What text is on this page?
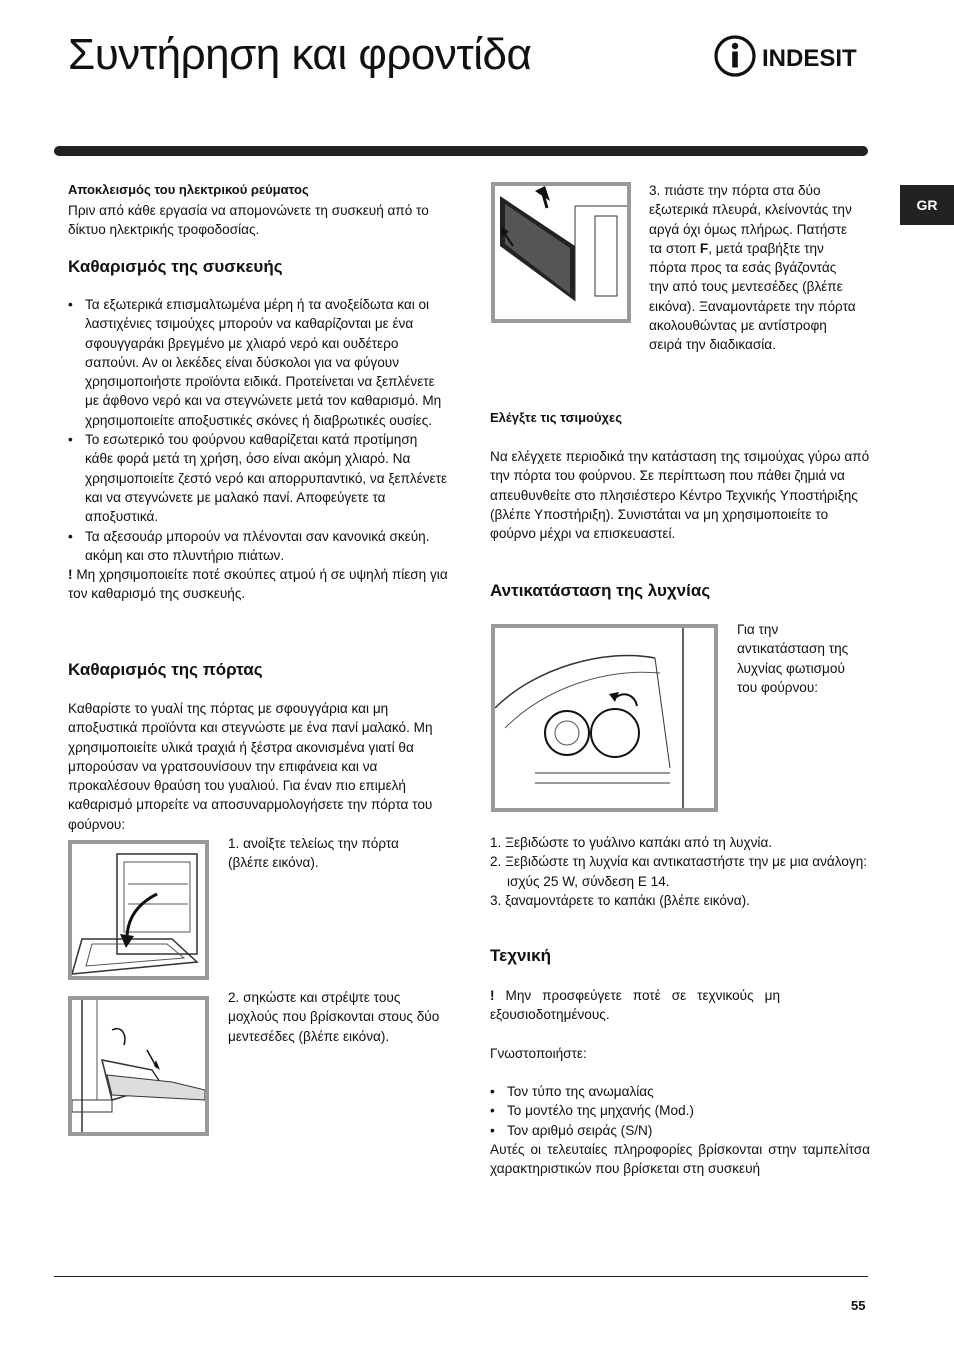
Συντήρηση και φροντίδα	INDESIT
GR
Αποκλεισμός του ηλεκτρικού ρεύματος
Πριν από κάθε εργασία να απομονώνετε τη συσκευή από το δίκτυο ηλεκτρικής τροφοδοσίας.
Καθαρισμός της συσκευής

• Τα εξωτερικά επισμαλτωμένα μέρη ή τα ανοξείδωτα και οι λαστιχένιες τσιμούχες μπορούν να καθαρίζονται με ένα σφουγγαράκι βρεγμένο με χλιαρό νερό και ουδέτερο σαπούνι. Αν οι λεκέδες είναι δύσκολοι για να φύγουν χρησιμοποιήστε προϊόντα ειδικά. Προτείνεται να ξεπλένετε με άφθονο νερό και να στεγνώνετε μετά τον καθαρισμό. Μη χρησιμοποιείτε αποξυστικές σκόνες ή διαβρωτικές ουσίες.

• Το εσωτερικό του φούρνου καθαρίζεται κατά προτίμηση κάθε φορά μετά τη χρήση, όσο είναι ακόμη χλιαρό. Να χρησιμοποιείτε ζεστό νερό και απορρυπαντικό, να ξεπλένετε και να στεγνώνετε με μαλακό πανί. Αποφεύγετε τα αποξυστικά.

• Τα αξεσουάρ μπορούν να πλένονται σαν κανονικά σκεύη. ακόμη και στο πλυντήριο πιάτων.

! Μη χρησιμοποιείτε ποτέ σκούπες ατμού ή σε υψηλή πίεση για τον καθαρισμό της συσκευής.

Καθαρισμός της πόρτας
Καθαρίστε το γυαλί της πόρτας με σφουγγάρια και μη αποξυστικά προϊόντα και στεγνώστε με ένα πανί μαλακό. Μη χρησιμοποιείτε υλικά τραχιά ή ξέστρα ακονισμένα γιατί θα μπορούσαν να γρατσουνίσουν την επιφάνεια και να προκαλέσουν θραύση του γυαλιού. Για έναν πιο επιμελή καθαρισμό μπορείτε να αποσυναρμολογήσετε την πόρτα του φούρνου:
1. ανοίξτε τελείως την πόρτα (βλέπε εικόνα).
2. σηκώστε και στρέψτε τους μοχλούς που βρίσκονται στους δύο μεντεσέδες (βλέπε εικόνα).
3. πιάστε την πόρτα στα δύο εξωτερικά πλευρά, κλείνοντάς την αργά όχι όμως πλήρως. Πατήστε τα στοπ F, μετά τραβήξτε την πόρτα προς τα εσάς βγάζοντάς την από τους μεντεσέδες (βλέπε εικόνα). Ξαναμοντάρετε την πόρτα ακολουθώντας με αντίστροφη σειρά την διαδικασία.
Ελέγξτε τις τσιμούχες
Να ελέγχετε περιοδικά την κατάσταση της τσιμούχας γύρω από την πόρτα του φούρνου. Σε περίπτωση που πάθει ζημιά να απευθυνθείτε στο πλησιέστερο Κέντρο Τεχνικής Υποστήριξης (βλέπε Υποστήριξη). Συνιστάται να μη χρησιμοποιείτε το φούρνο μέχρι να επισκευαστεί.
Αντικατάσταση της λυχνίας
Για την αντικατάσταση της λυχνίας φωτισμού του φούρνου:

1. Ξεβιδώστε το γυάλινο καπάκι από τη λυχνία.

2. Ξεβιδώστε τη λυχνία και αντικαταστήστε την με μια ανάλογη: ισχύς 25 W, σύνδεση E 14.

3. ξαναμοντάρετε το καπάκι (βλέπε εικόνα).

Τεχνική
! Μην προσφεύγετε ποτέ σε τεχνικούς μη εξουσιοδοτημένους.
Γνωστοποιήστε:

• Τον τύπο της ανωμαλίας

• Το μοντέλο της μηχανής (Mod.)

• Τον αριθμό σειράς (S/N)

Αυτές οι τελευταίες πληροφορίες βρίσκονται στην ταμπελίτσα χαρακτηριστικών που βρίσκεται στη συσκευή

55
